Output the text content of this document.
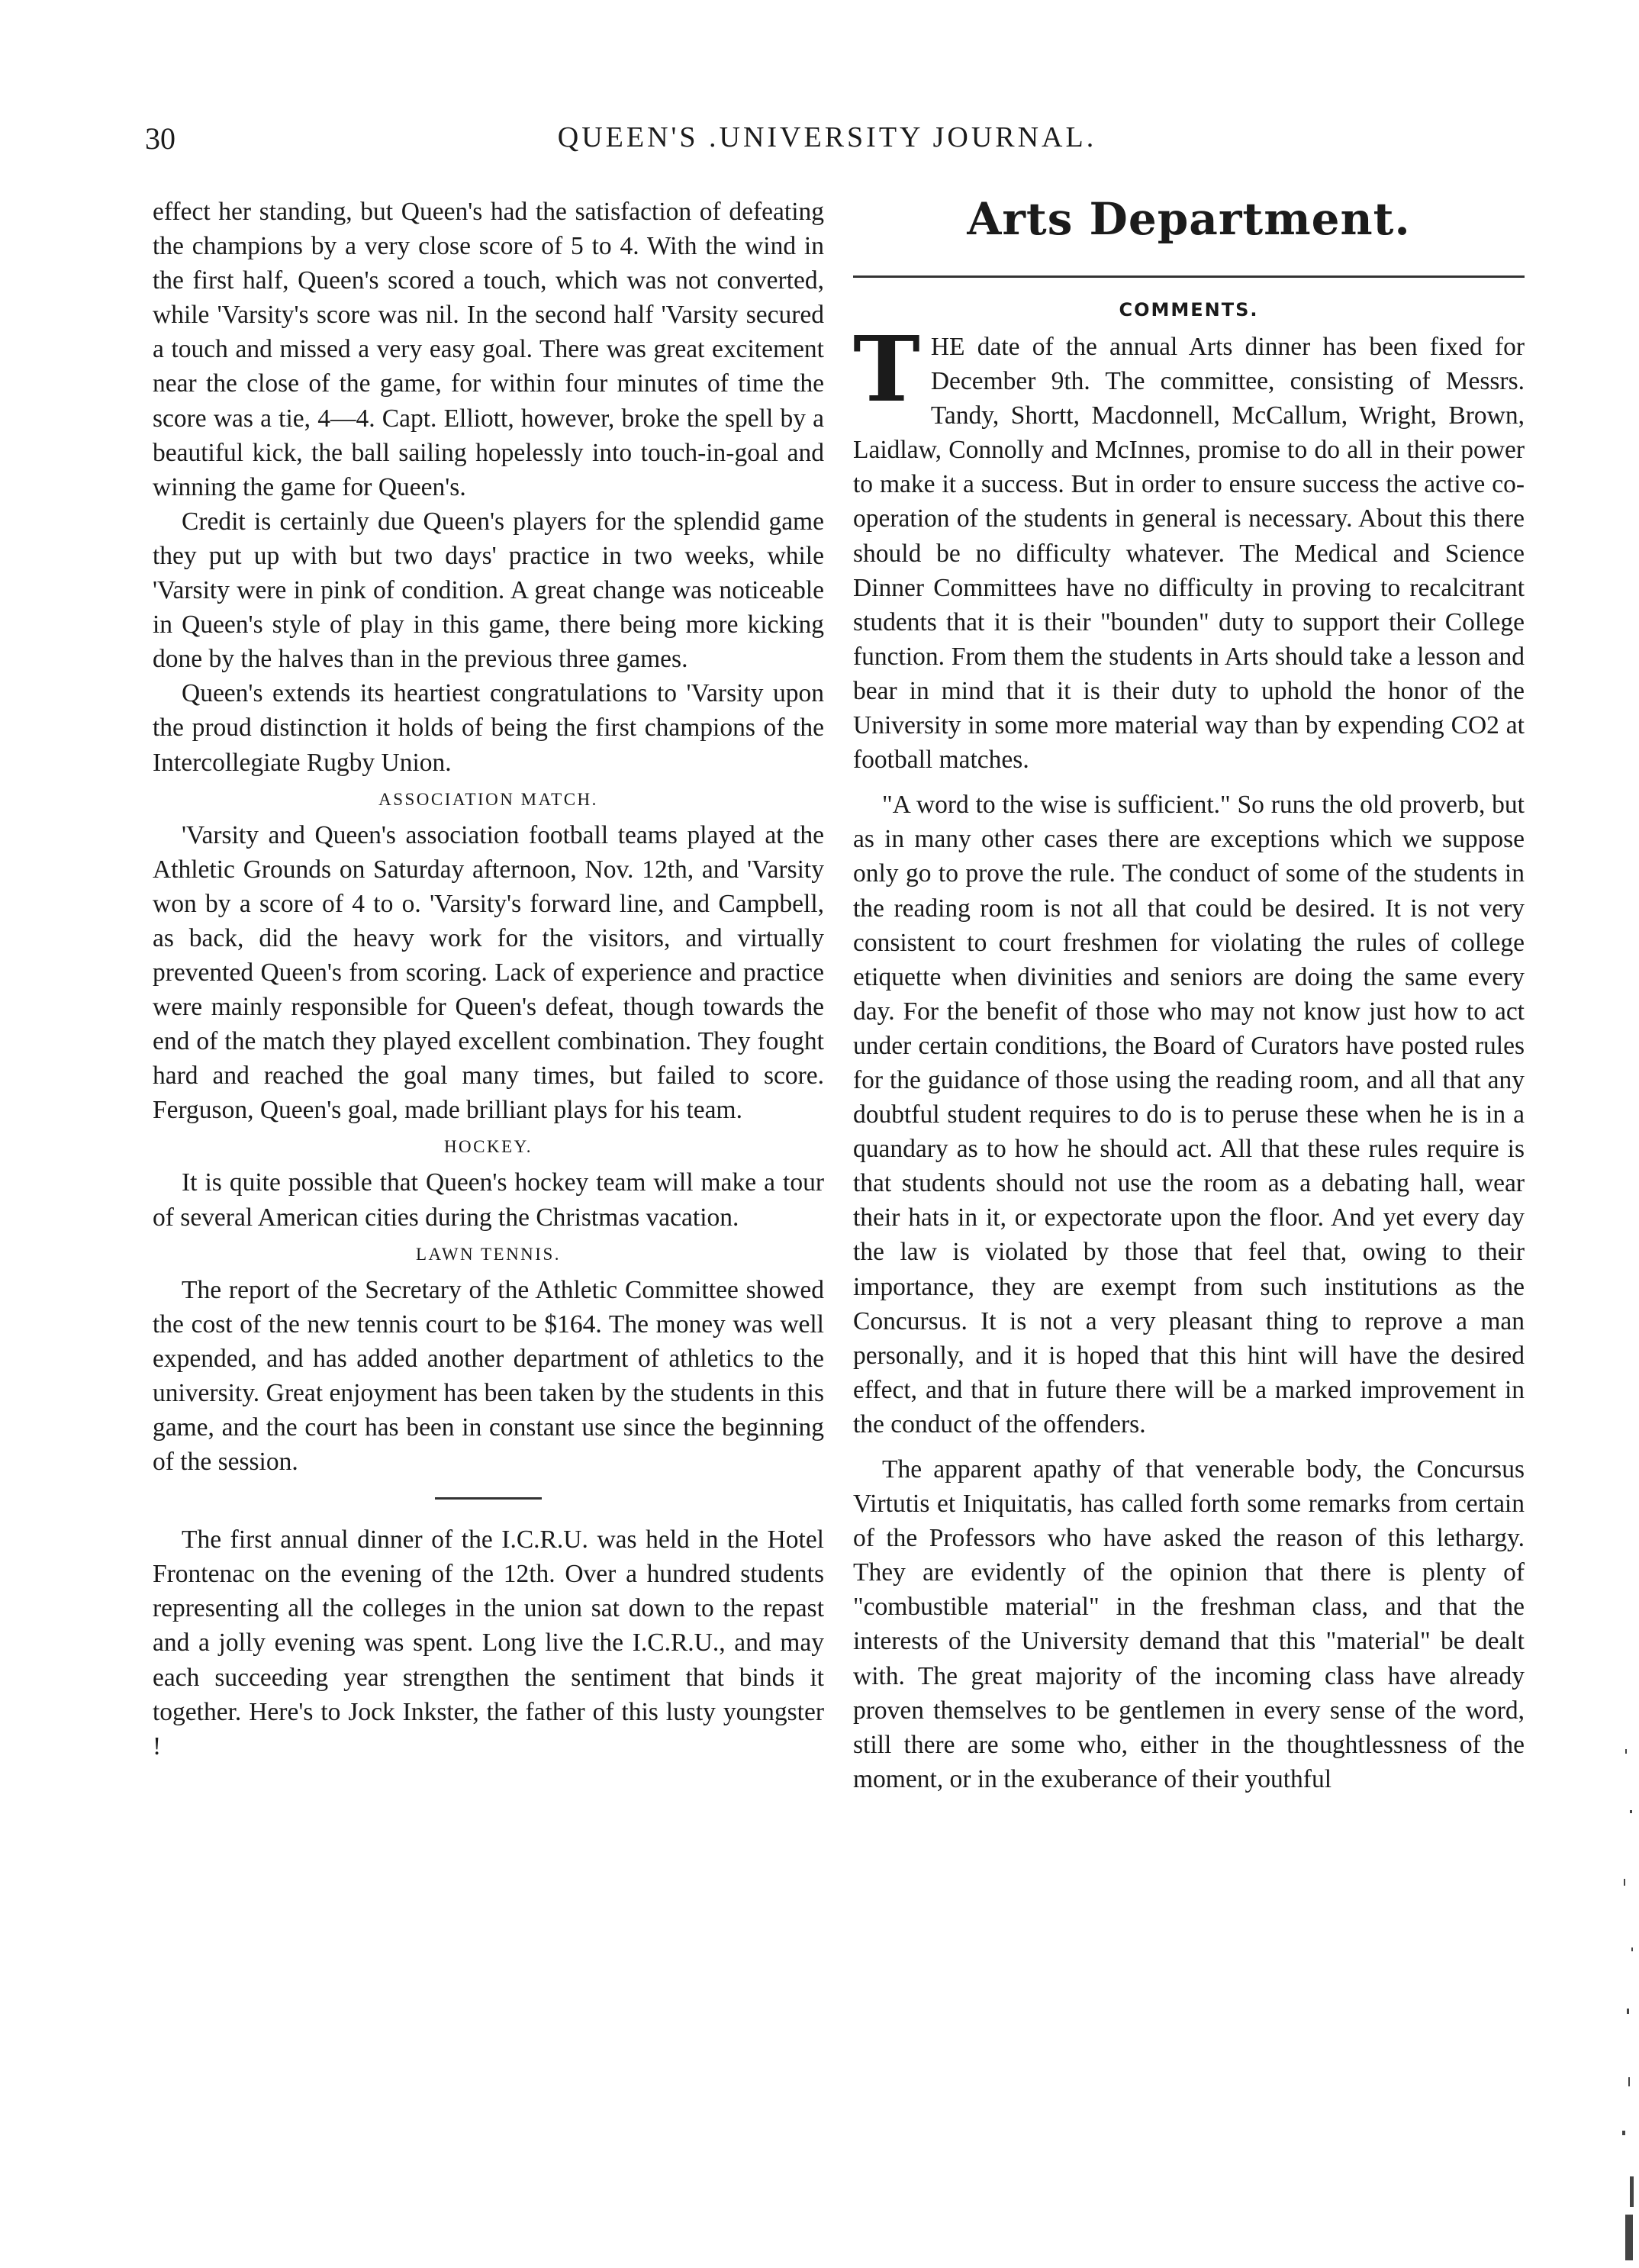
30	QUEEN'S .UNIVERSITY JOURNAL.

effect her standing, but Queen's had the satisfaction of defeating the champions by a very close score of 5 to 4. With the wind in the first half, Queen's scored a touch, which was not converted, while 'Varsity's score was nil. In the second half 'Varsity secured a touch and missed a very easy goal. There was great excitement near the close of the game, for within four minutes of time the score was a tie, 4—4. Capt. Elliott, however, broke the spell by a beautiful kick, the ball sailing hopelessly into touch-in-goal and winning the game for Queen's.

Credit is certainly due Queen's players for the splendid game they put up with but two days' practice in two weeks, while 'Varsity were in pink of condition. A great change was noticeable in Queen's style of play in this game, there being more kicking done by the halves than in the previous three games.

Queen's extends its heartiest congratulations to 'Varsity upon the proud distinction it holds of being the first champions of the Intercollegiate Rugby Union.

ASSOCIATION MATCH.

'Varsity and Queen's association football teams played at the Athletic Grounds on Saturday afternoon, Nov. 12th, and 'Varsity won by a score of 4 to o. 'Varsity's forward line, and Campbell, as back, did the heavy work for the visitors, and virtually prevented Queen's from scoring. Lack of experience and practice were mainly responsible for Queen's defeat, though towards the end of the match they played excellent combination. They fought hard and reached the goal many times, but failed to score. Ferguson, Queen's goal, made brilliant plays for his team.

HOCKEY.

It is quite possible that Queen's hockey team will make a tour of several American cities during the Christmas vacation.

LAWN TENNIS.

The report of the Secretary of the Athletic Committee showed the cost of the new tennis court to be $164. The money was well expended, and has added another department of athletics to the university. Great enjoyment has been taken by the students in this game, and the court has been in constant use since the beginning of the session.

The first annual dinner of the I.C.R.U. was held in the Hotel Frontenac on the evening of the 12th. Over a hundred students representing all the colleges in the union sat down to the repast and a jolly evening was spent. Long live the I.C.R.U., and may each succeeding year strengthen the sentiment that binds it together. Here's to Jock Inkster, the father of this lusty youngster !

Arts Department.
COMMENTS.

THE date of the annual Arts dinner has been fixed for December 9th. The committee, consisting of Messrs. Tandy, Shortt, Macdonnell, McCallum, Wright, Brown, Laidlaw, Connolly and McInnes, promise to do all in their power to make it a success. But in order to ensure success the active co-operation of the students in general is necessary. About this there should be no difficulty whatever. The Medical and Science Dinner Committees have no difficulty in proving to recalcitrant students that it is their "bounden" duty to support their College function. From them the students in Arts should take a lesson and bear in mind that it is their duty to uphold the honor of the University in some more material way than by expending CO2 at football matches.

"A word to the wise is sufficient." So runs the old proverb, but as in many other cases there are exceptions which we suppose only go to prove the rule. The conduct of some of the students in the reading room is not all that could be desired. It is not very consistent to court freshmen for violating the rules of college etiquette when divinities and seniors are doing the same every day. For the benefit of those who may not know just how to act under certain conditions, the Board of Curators have posted rules for the guidance of those using the reading room, and all that any doubtful student requires to do is to peruse these when he is in a quandary as to how he should act. All that these rules require is that students should not use the room as a debating hall, wear their hats in it, or expectorate upon the floor. And yet every day the law is violated by those that feel that, owing to their importance, they are exempt from such institutions as the Concursus. It is not a very pleasant thing to reprove a man personally, and it is hoped that this hint will have the desired effect, and that in future there will be a marked improvement in the conduct of the offenders.

The apparent apathy of that venerable body, the Concursus Virtutis et Iniquitatis, has called forth some remarks from certain of the Professors who have asked the reason of this lethargy. They are evidently of the opinion that there is plenty of "combustible material" in the freshman class, and that the interests of the University demand that this "material" be dealt with. The great majority of the incoming class have already proven themselves to be gentlemen in every sense of the word, still there are some who, either in the thoughtlessness of the moment, or in the exuberance of their youthful
